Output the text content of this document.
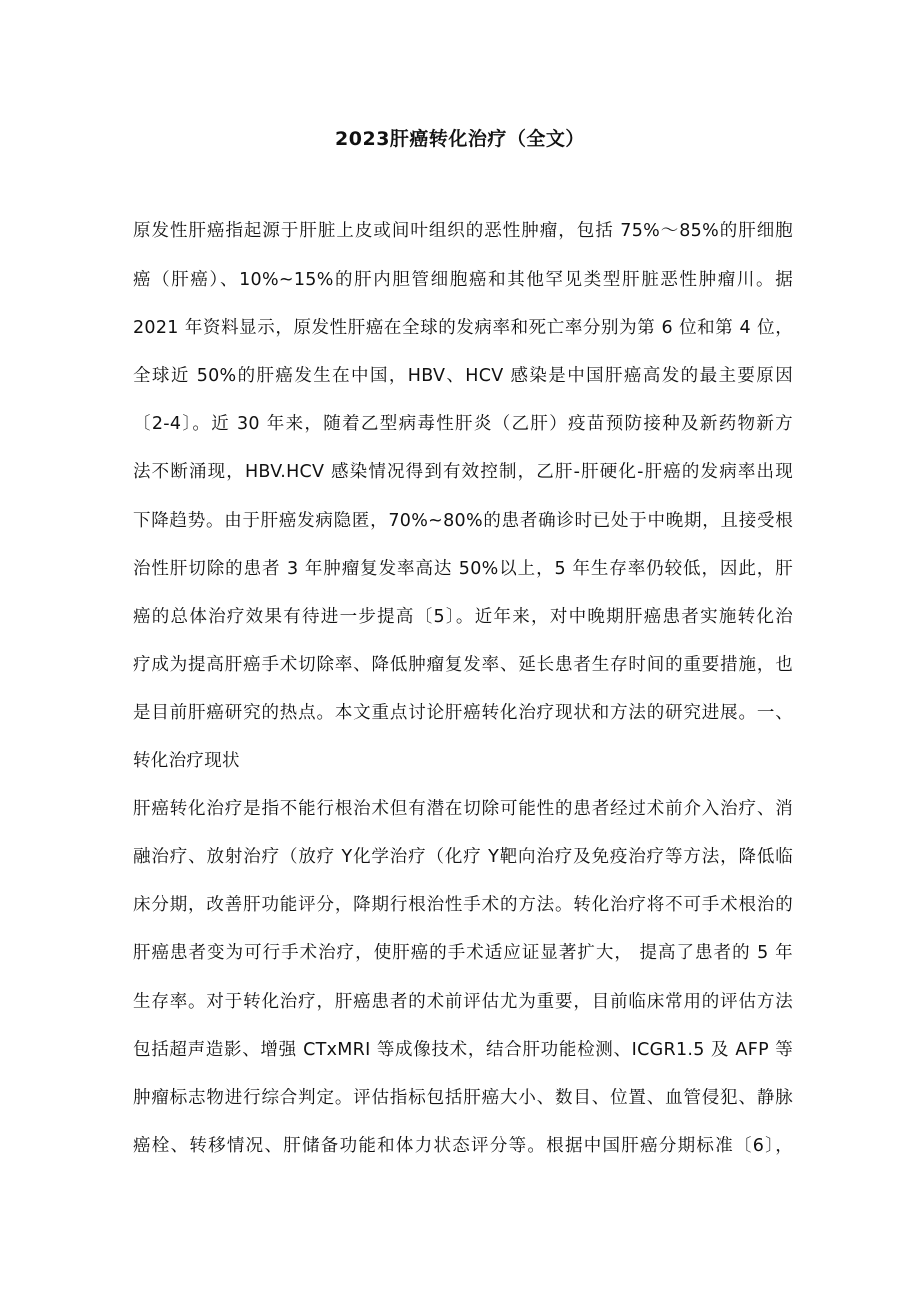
2023肝癌转化治疗（全文）
原发性肝癌指起源于肝脏上皮或间叶组织的恶性肿瘤，包括 75%～85%的肝细胞
癌（肝癌）、10%~15%的肝内胆管细胞癌和其他罕见类型肝脏恶性肿瘤川。据
2021 年资料显示，原发性肝癌在全球的发病率和死亡率分别为第 6 位和第 4 位，
全球近 50%的肝癌发生在中国，HBV、HCV 感染是中国肝癌高发的最主要原因
〔2-4〕。近 30 年来，随着乙型病毒性肝炎（乙肝）疫苗预防接种及新药物新方
法不断涌现，HBV.HCV 感染情况得到有效控制，乙肝-肝硬化-肝癌的发病率出现
下降趋势。由于肝癌发病隐匿，70%~80%的患者确诊时已处于中晚期，且接受根
治性肝切除的患者 3 年肿瘤复发率高达 50%以上，5 年生存率仍较低，因此，肝
癌的总体治疗效果有待进一步提高〔5〕。近年来，对中晚期肝癌患者实施转化治
疗成为提高肝癌手术切除率、降低肿瘤复发率、延长患者生存时间的重要措施，也
是目前肝癌研究的热点。本文重点讨论肝癌转化治疗现状和方法的研究进展。一、
转化治疗现状
肝癌转化治疗是指不能行根治术但有潜在切除可能性的患者经过术前介入治疗、消
融治疗、放射治疗（放疗 Y化学治疗（化疗 Y靶向治疗及免疫治疗等方法，降低临
床分期，改善肝功能评分，降期行根治性手术的方法。转化治疗将不可手术根治的
肝癌患者变为可行手术治疗，使肝癌的手术适应证显著扩大， 提高了患者的 5 年
生存率。对于转化治疗，肝癌患者的术前评估尤为重要，目前临床常用的评估方法
包括超声造影、增强 CTxMRI 等成像技术，结合肝功能检测、ICGR1.5 及 AFP 等
肿瘤标志物进行综合判定。评估指标包括肝癌大小、数目、位置、血管侵犯、静脉
癌栓、转移情况、肝储备功能和体力状态评分等。根据中国肝癌分期标准〔6〕，
